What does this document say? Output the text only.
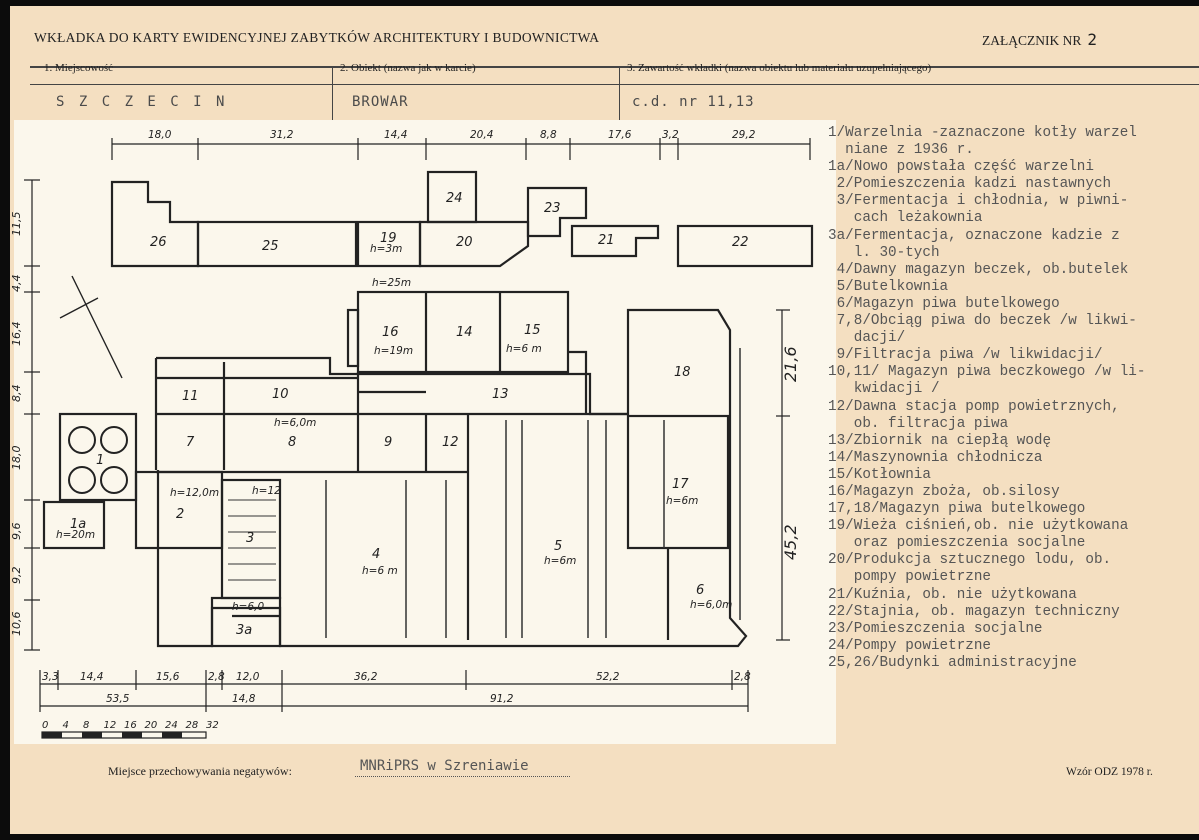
WKŁADKA DO KARTY EWIDENCYJNEJ ZABYTKÓW ARCHITEKTURY I BUDOWNICTWA	ZAŁĄCZNIK NR 2
1. Miejscowość	2. Obiekt (nazwa jak w karcie)	3. Zawartość wkładki (nazwa obiektu lub materiału uzupełniającego)
S Z C Z E C I N	BROWAR	c.d. nr 11,13
18,0	31,2	14,4	20,4	8,8	17,6	3,2	29,2
11,5
4,4
16,4
8,4
18,0
9,6
9,2
10,6
21,6
45,2
3,3 14,4	15,6	2,8 12,0	36,2	52,2	2,8
53,5	14,8	91,2
0 4 8 12 16 20 24 28 32
1
1a
h=20m
2
h=12,0m
3
3a
4
h=6 m
5
h=6m
6
h=6,0m
7	8
h=6,0m
9
10
11
12
13
14	15
h=6 m
16
h=19m
17
h=6m
18
19
h=3m	20	21	22
23
24
25
26
h=25m
h=12
h=6,0
1/Warzelnia -zaznaczone kotły warzel
niane z 1936 r.
1a/Nowo powstała część warzelni
2/Pomieszczenia kadzi nastawnych
3/Fermentacja i chłodnia, w piwni-
cach leżakownia
3a/Fermentacja, oznaczone kadzie z
l. 30-tych
4/Dawny magazyn beczek, ob.butelek
5/Butelkownia
6/Magazyn piwa butelkowego
7,8/Obciąg piwa do beczek /w likwi-
dacji/
9/Filtracja piwa /w likwidacji/
10,11/ Magazyn piwa beczkowego /w li-
kwidacji /
12/Dawna stacja pomp powietrznych,
ob. filtracja piwa
13/Zbiornik na ciepłą wodę
14/Maszynownia chłodnicza
15/Kotłownia
16/Magazyn zboża, ob.silosy
17,18/Magazyn piwa butelkowego
19/Wieża ciśnień,ob. nie użytkowana
oraz pomieszczenia socjalne
20/Produkcja sztucznego lodu, ob.
pompy powietrzne
21/Kuźnia, ob. nie użytkowana
22/Stajnia, ob. magazyn techniczny
23/Pomieszczenia socjalne
24/Pompy powietrzne
25,26/Budynki administracyjne
Miejsce przechowywania negatywów:	MNRiPRS w Szreniawie	Wzór ODZ 1978 r.
